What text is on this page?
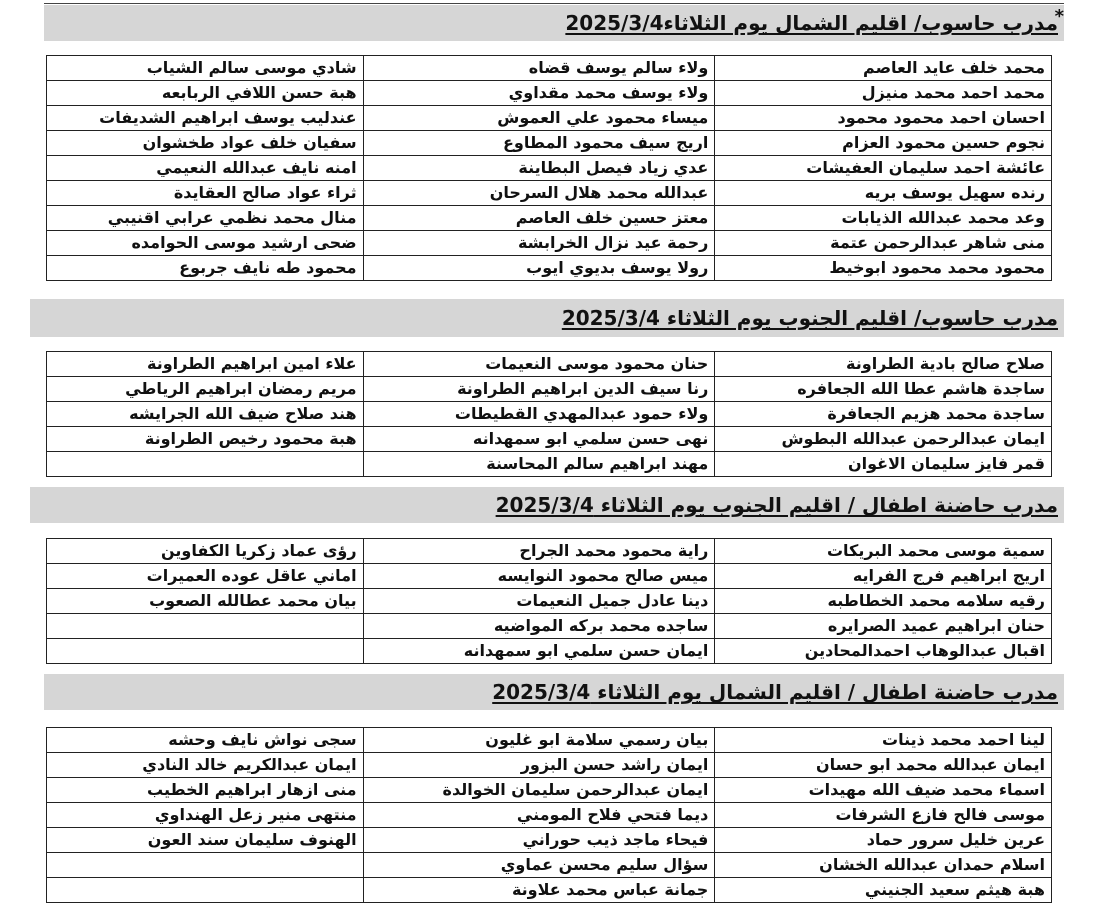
مدرب حاسوب/ اقليم الشمال يوم الثلاثاء2025/3/4
*
محمد خلف عايد العاصم	ولاء سالم يوسف قضاه	شادي موسى سالم الشياب
محمد احمد محمد منيزل	ولاء يوسف محمد مقداوي	هبة حسن اللافي الربابعه
احسان احمد محمود محمود	ميساء محمود علي العموش	عندليب يوسف ابراهيم الشديفات
نجوم حسين محمود العزام	اريج سيف محمود المطاوع	سفيان خلف عواد طخشوان
عائشة احمد سليمان العفيشات	عدي زياد فيصل البطاينة	امنه نايف عبدالله النعيمي
رنده سهيل يوسف بريه	عبدالله محمد هلال السرحان	ثراء عواد صالح العقايدة
وعد محمد عبدالله الذيابات	معتز حسين خلف العاصم	منال محمد نظمي عرابي اقنيبي
منى شاهر عبدالرحمن عتمة	رحمة عيد نزال الخرابشة	ضحى ارشيد موسى الحوامده
محمود محمد محمود ابوخيط	رولا يوسف بديوي ايوب	محمود طه نايف جربوع
مدرب حاسوب/ اقليم الجنوب يوم الثلاثاء 2025/3/4
صلاح صالح بادية الطراونة	حنان محمود موسى النعيمات	علاء امين ابراهيم الطراونة
ساجدة هاشم عطا الله الجعافره	رنا سيف الدين ابراهيم الطراونة	مريم رمضان ابراهيم الرياطي
ساجدة محمد هزيم الجعافرة	ولاء حمود عبدالمهدي القطيطات	هند صلاح ضيف الله الجرايشه
ايمان عبدالرحمن عبدالله البطوش	نهى حسن سلمي ابو سمهدانه	هبة محمود رخيص الطراونة
قمر فايز سليمان الاغوان	مهند ابراهيم سالم المحاسنة	
مدرب حاضنة اطفال / اقليم الجنوب يوم الثلاثاء 2025/3/4
سمية موسى محمد البريكات	راية محمود محمد الجراح	رؤى عماد زكريا الكفاوين
اريج ابراهيم فرج الفرايه	ميس صالح محمود النوايسه	اماني عاقل عوده العميرات
رقيه سلامه محمد الخطاطبه	دينا عادل جميل النعيمات	بيان محمد عطالله الصعوب
حنان ابراهيم عميد الصرايره	ساجده محمد بركه المواضيه	
اقبال عبدالوهاب احمدالمحادين	ايمان حسن سلمي ابو سمهدانه	
مدرب حاضنة اطفال / اقليم الشمال يوم الثلاثاء 2025/3/4
لينا احمد محمد ذينات	بيان رسمي سلامة ابو غليون	سجى نواش نايف وحشه
ايمان عبدالله محمد ابو حسان	ايمان راشد حسن البزور	ايمان عبدالكريم خالد النادي
اسماء محمد ضيف الله مهيدات	ايمان عبدالرحمن سليمان الخوالدة	منى ازهار ابراهيم الخطيب
موسى فالح فازع الشرفات	ديما فتحي فلاح المومني	منتهى منير زعل الهنداوي
عرين خليل سرور حماد	فيحاء ماجد ذيب حوراني	الهنوف سليمان سند العون
اسلام حمدان عبدالله الخشان	سؤال سليم محسن عماوي	
هبة هيثم سعيد الجنيني	جمانة عباس محمد علاونة	
